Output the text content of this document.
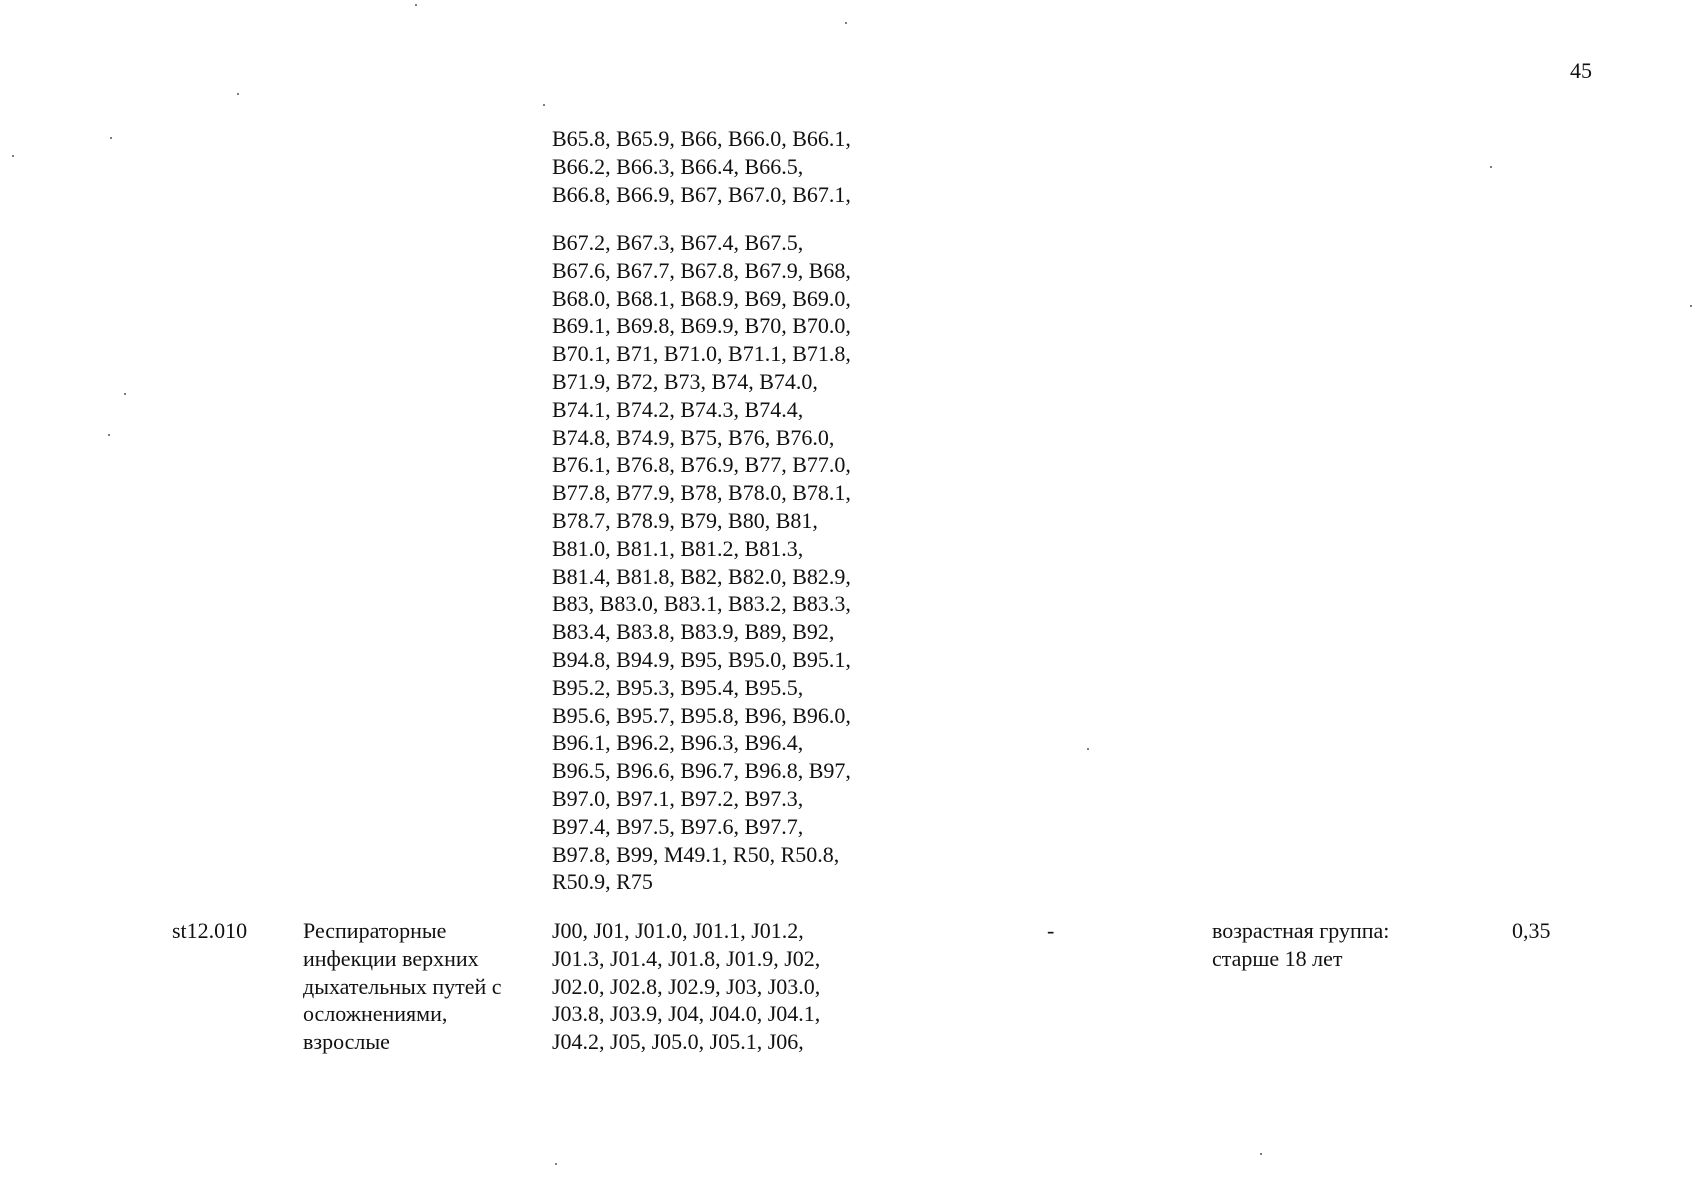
45
B65.8, B65.9, B66, B66.0, B66.1,
B66.2, B66.3, B66.4, B66.5,
B66.8, B66.9, B67, B67.0, B67.1,
B67.2, B67.3, B67.4, B67.5,
B67.6, B67.7, B67.8, B67.9, B68,
B68.0, B68.1, B68.9, B69, B69.0,
B69.1, B69.8, B69.9, B70, B70.0,
B70.1, B71, B71.0, B71.1, B71.8,
B71.9, B72, B73, B74, B74.0,
B74.1, B74.2, B74.3, B74.4,
B74.8, B74.9, B75, B76, B76.0,
B76.1, B76.8, B76.9, B77, B77.0,
B77.8, B77.9, B78, B78.0, B78.1,
B78.7, B78.9, B79, B80, B81,
B81.0, B81.1, B81.2, B81.3,
B81.4, B81.8, B82, B82.0, B82.9,
B83, B83.0, B83.1, B83.2, B83.3,
B83.4, B83.8, B83.9, B89, B92,
B94.8, B94.9, B95, B95.0, B95.1,
B95.2, B95.3, B95.4, B95.5,
B95.6, B95.7, B95.8, B96, B96.0,
B96.1, B96.2, B96.3, B96.4,
B96.5, B96.6, B96.7, B96.8, B97,
B97.0, B97.1, B97.2, B97.3,
B97.4, B97.5, B97.6, B97.7,
B97.8, B99, M49.1, R50, R50.8,
R50.9, R75
st12.010	Респираторные
инфекции верхних
дыхательных путей с
осложнениями,
взрослые
J00, J01, J01.0, J01.1, J01.2,
J01.3, J01.4, J01.8, J01.9, J02,
J02.0, J02.8, J02.9, J03, J03.0,
J03.8, J03.9, J04, J04.0, J04.1,
J04.2, J05, J05.0, J05.1, J06,
-	возрастная группа:
старше 18 лет
0,35
